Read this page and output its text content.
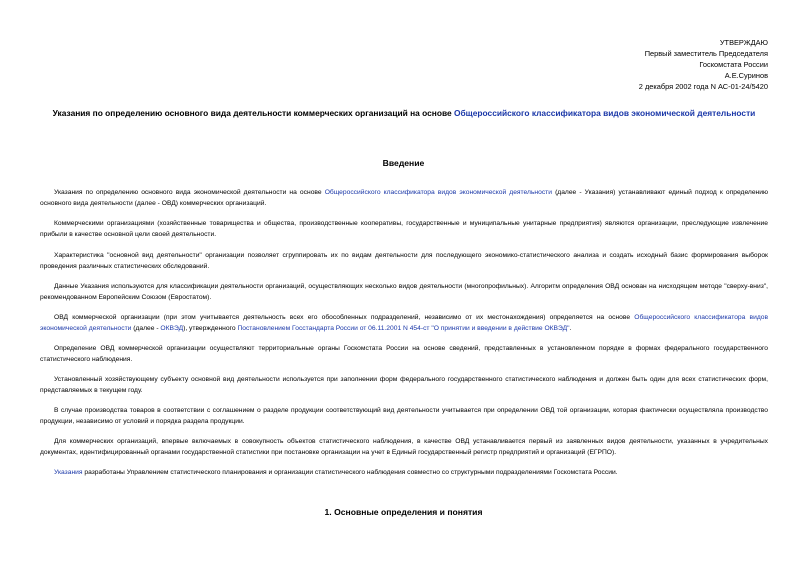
УТВЕРЖДАЮ
Первый заместитель Председателя
Госкомстата России
А.Е.Суринов
2 декабря 2002 года N АС-01-24/5420
Указания по определению основного вида деятельности коммерческих организаций на основе Общероссийского классификатора видов экономической деятельности
Введение
Указания по определению основного вида экономической деятельности на основе Общероссийского классификатора видов экономической деятельности (далее - Указания) устанавливают единый подход к определению основного вида деятельности (далее - ОВД) коммерческих организаций.
Коммерческими организациями (хозяйственные товарищества и общества, производственные кооперативы, государственные и муниципальные унитарные предприятия) являются организации, преследующие извлечение прибыли в качестве основной цели своей деятельности.
Характеристика "основной вид деятельности" организации позволяет сгруппировать их по видам деятельности для последующего экономико-статистического анализа и создать исходный базис формирования выборок проведения различных статистических обследований.
Данные Указания используются для классификации деятельности организаций, осуществляющих несколько видов деятельности (многопрофильных). Алгоритм определения ОВД основан на нисходящем методе "сверху-вниз", рекомендованном Европейским Союзом (Евростатом).
ОВД коммерческой организации (при этом учитывается деятельность всех его обособленных подразделений, независимо от их местонахождения) определяется на основе Общероссийского классификатора видов экономической деятельности (далее - ОКВЭД), утвержденного Постановлением Госстандарта России от 06.11.2001 N 454-ст "О принятии и введении в действие ОКВЭД".
Определение ОВД коммерческой организации осуществляют территориальные органы Госкомстата России на основе сведений, представленных в установленном порядке в формах федерального государственного статистического наблюдения.
Установленный хозяйствующему субъекту основной вид деятельности используется при заполнении форм федерального государственного статистического наблюдения и должен быть один для всех статистических форм, представляемых в текущем году.
В случае производства товаров в соответствии с соглашением о разделе продукции соответствующий вид деятельности учитывается при определении ОВД той организации, которая фактически осуществляла производство продукции, независимо от условий и порядка раздела продукции.
Для коммерческих организаций, впервые включаемых в совокупность объектов статистического наблюдения, в качестве ОВД устанавливается первый из заявленных видов деятельности, указанных в учредительных документах, идентифицированный органами государственной статистики при постановке организации на учет в Единый государственный регистр предприятий и организаций (ЕГРПО).
Указания разработаны Управлением статистического планирования и организации статистического наблюдения совместно со структурными подразделениями Госкомстата России.
1. Основные определения и понятия
